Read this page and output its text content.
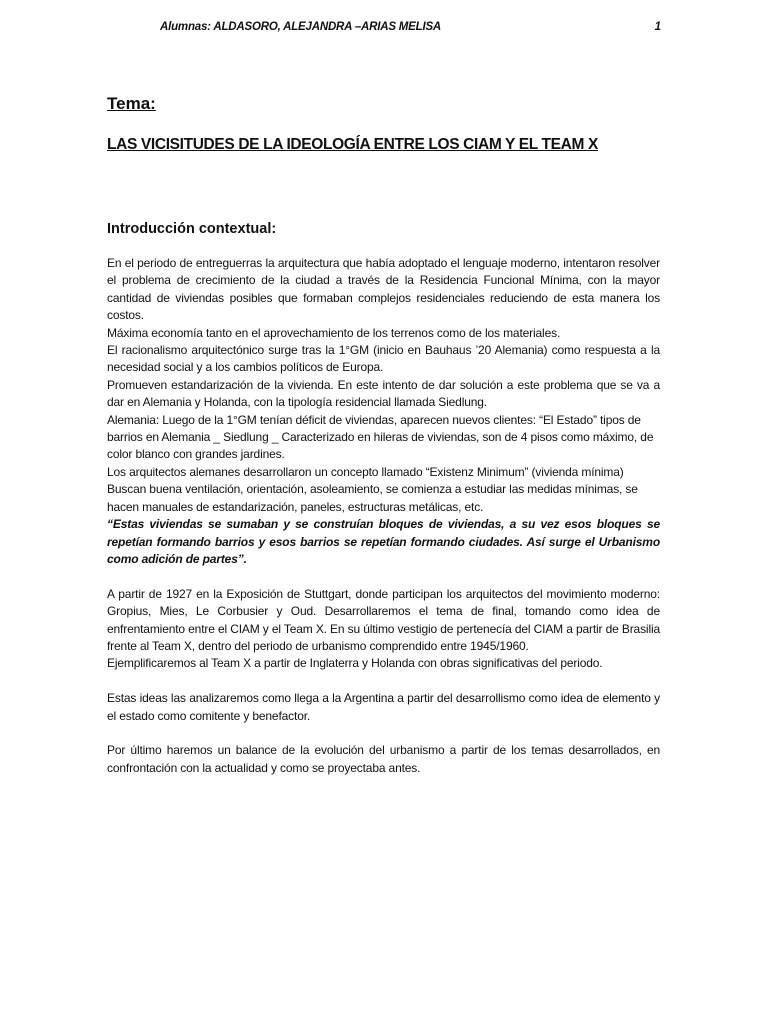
Alumnas: ALDASORO, ALEJANDRA –ARIAS MELISA	1
Tema:
LAS VICISITUDES DE LA IDEOLOGÍA ENTRE LOS CIAM Y EL TEAM X
Introducción contextual:

En el periodo de entreguerras la arquitectura que había adoptado el lenguaje moderno, intentaron resolver el problema de crecimiento de la ciudad a través de la Residencia Funcional Mínima, con la mayor cantidad de viviendas posibles que formaban complejos residenciales reduciendo de esta manera los costos.

Máxima economía tanto en el aprovechamiento de los terrenos como de los materiales.

El racionalismo arquitectónico surge tras la 1°GM (inicio en Bauhaus ’20 Alemania) como respuesta a la necesidad social y a los cambios políticos de Europa.

Promueven estandarización de la vivienda. En este intento de dar solución a este problema que se va a dar en Alemania y Holanda, con la tipología residencial llamada Siedlung.

Alemania: Luego de la 1°GM tenían déficit de viviendas, aparecen nuevos clientes: “El Estado” tipos de barrios en Alemania _ Siedlung _ Caracterizado en hileras de viviendas, son de 4 pisos como máximo, de color blanco con grandes jardines.

Los arquitectos alemanes desarrollaron un concepto llamado “Existenz Minimum” (vivienda mínima) Buscan buena ventilación, orientación, asoleamiento, se comienza a estudiar las medidas mínimas, se hacen manuales de estandarización, paneles, estructuras metálicas, etc.

“Estas viviendas se sumaban y se construían bloques de viviendas, a su vez esos bloques se repetían formando barrios y esos barrios se repetían formando ciudades. Así surge el Urbanismo como adición de partes”.

A partir de 1927 en la Exposición de Stuttgart, donde participan los arquitectos del movimiento moderno: Gropius, Mies, Le Corbusier y Oud. Desarrollaremos el tema de final, tomando como idea de enfrentamiento entre el CIAM y el Team X. En su último vestigio de pertenecía del CIAM a partir de Brasilia frente al Team X, dentro del periodo de urbanismo comprendido entre 1945/1960.

Ejemplificaremos al Team X a partir de Inglaterra y Holanda con obras significativas del periodo.

Estas ideas las analizaremos como llega a la Argentina a partir del desarrollismo como idea de elemento y el estado como comitente y benefactor.

Por último haremos un balance de la evolución del urbanismo a partir de los temas desarrollados, en confrontación con la actualidad y como se proyectaba antes.
